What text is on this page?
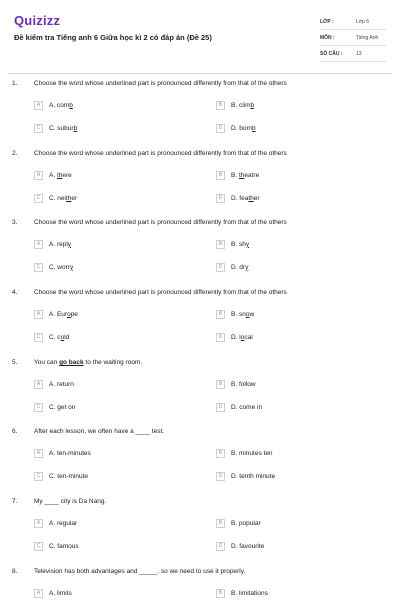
Quizizz
Đề kiểm tra Tiếng anh 6 Giữa học kì 2 có đáp án (Đề 25)
LỚP :	Lớp 6
MÔN :	Tiếng Anh
SỐ CÂU :	13
1.	Choose the word whose underlined part is pronounced differently from that of the others
A	A. comb	B	B. climb
C	C. suburb	D	D. bomb
2.	Choose the word whose underlined part is pronounced differently from that of the others
A	A. there	B	B. theatre
C	C. neither	D	D. feather
3.	Choose the word whose underlined part is pronounced differently from that of the others
A	A. reply	B	B. shy
C	C. worry	D	D. dry
4.	Choose the word whose underlined part is pronounced differently from that of the others
A	A. Europe	B	B. snow
C	C. cold	D	D. local
5.	You can go back to the waiting room.
A	A. return	B	B. follow
C	C. get on	D	D. come in
6.	After each lesson, we often have a ____ test.
A	A. ten-minutes	B	B. minutes ten
C	C. ten-minute	D	D. tenth minute
7.	My ____ city is Da Nang.
A	A. regular	B	B. popular
C	C. famous	D	D. favourite
8.	Television has both advantages and _____, so we need to use it properly.
A	A. limits	B	B. limitations
